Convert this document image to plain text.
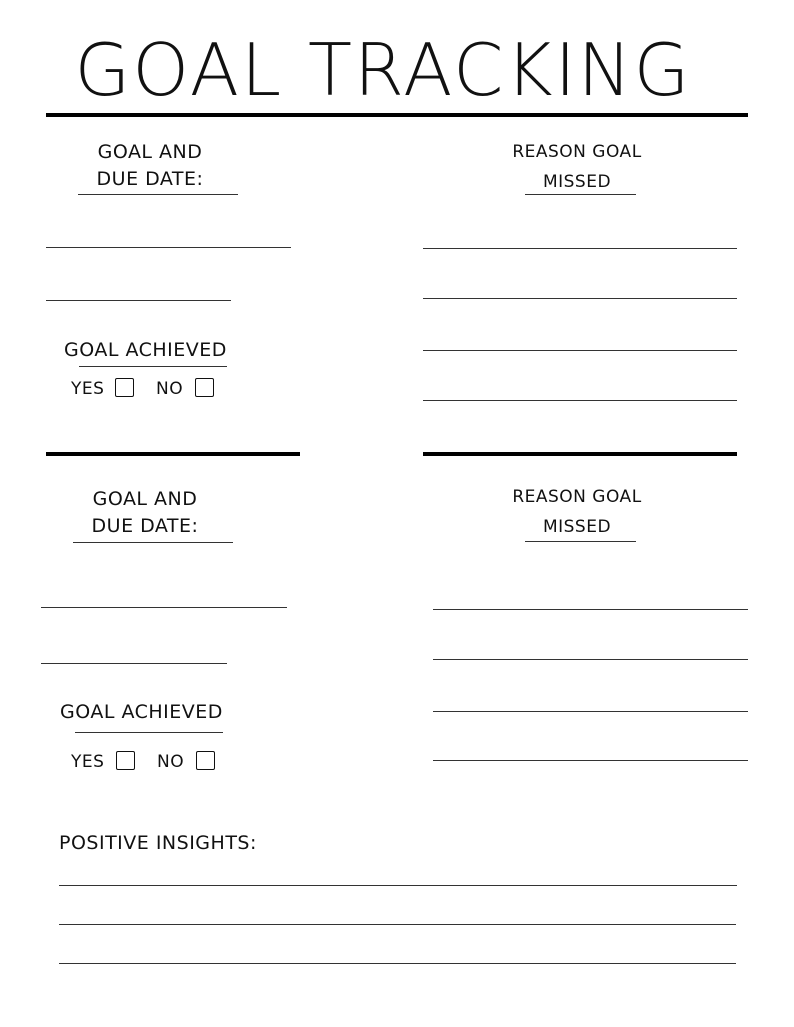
GOAL TRACKING
GOAL AND
DUE DATE:
REASON GOAL
MISSED
GOAL ACHIEVED
YES	NO
GOAL AND
DUE DATE:
REASON GOAL
MISSED
GOAL ACHIEVED
YES	NO
POSITIVE INSIGHTS:
